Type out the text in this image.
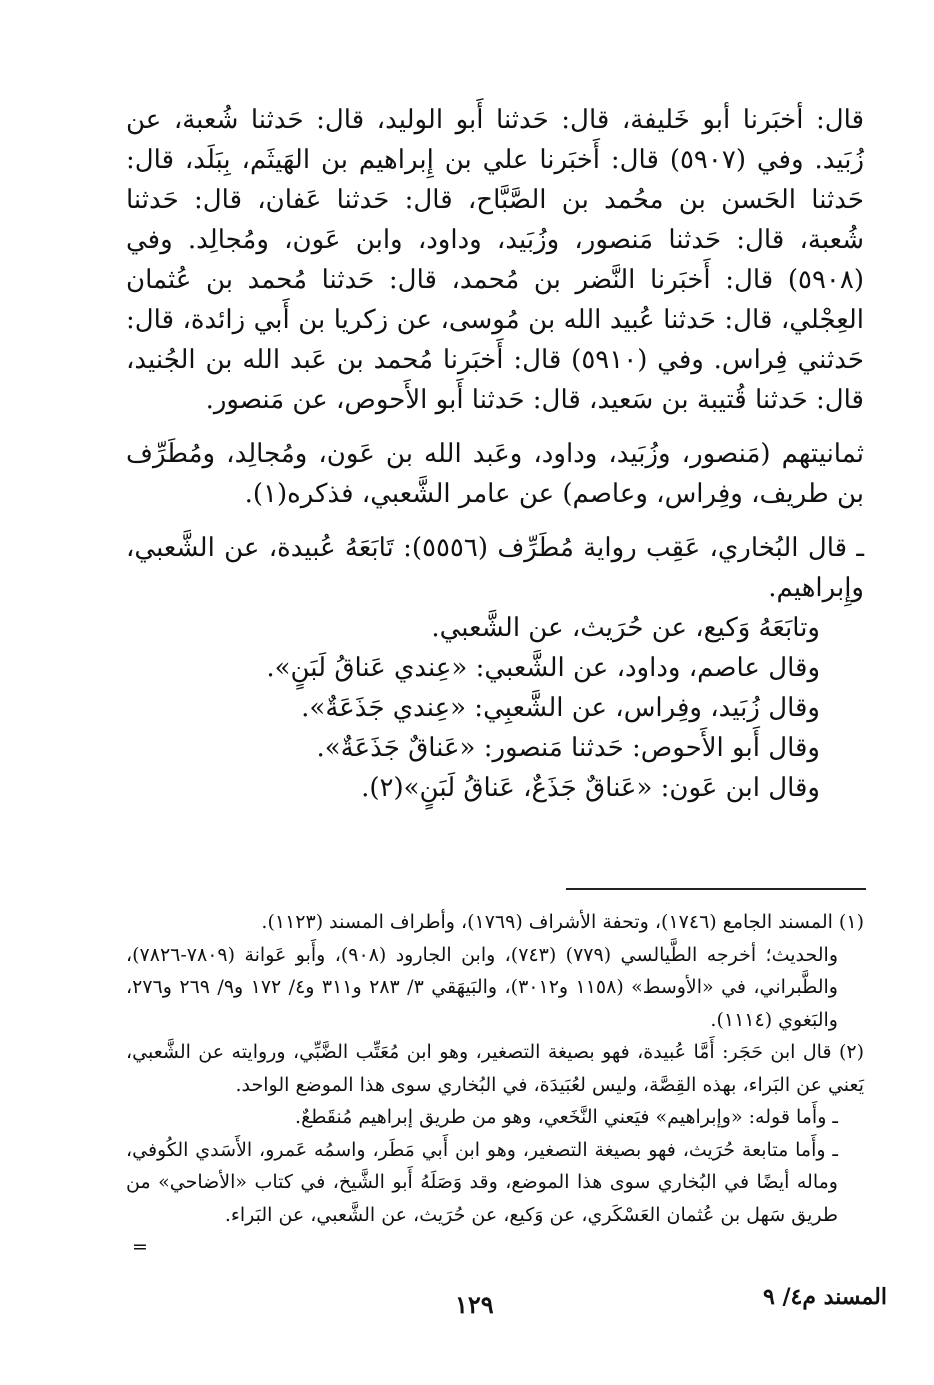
قال: أخبَرنا أبو خَليفة، قال: حَدثنا أَبو الوليد، قال: حَدثنا شُعبة، عن زُبَيد. وفي (٥٩٠٧) قال: أَخبَرنا علي بن إِبراهيم بن الهَيثَم، بِبَلَد، قال: حَدثنا الحَسن بن محُمد بن الصَّبَّاح، قال: حَدثنا عَفان، قال: حَدثنا شُعبة، قال: حَدثنا مَنصور، وزُبَيد، وداود، وابن عَون، ومُجالِد. وفي (٥٩٠٨) قال: أَخبَرنا النَّضر بن مُحمد، قال: حَدثنا مُحمد بن عُثمان العِجْلي، قال: حَدثنا عُبيد الله بن مُوسى، عن زكريا بن أَبي زائدة، قال: حَدثني فِراس. وفي (٥٩١٠) قال: أَخبَرنا مُحمد بن عَبد الله بن الجُنيد، قال: حَدثنا قُتيبة بن سَعيد، قال: حَدثنا أَبو الأَحوص، عن مَنصور.

ثمانيتهم (مَنصور، وزُبَيد، وداود، وعَبد الله بن عَون، ومُجالِد، ومُطَرِّف بن طريف، وفِراس، وعاصم) عن عامر الشَّعبي، فذكره(١).

ـ قال البُخاري، عَقِب رواية مُطَرِّف (٥٥٥٦): تَابَعَهُ عُبيدة، عن الشَّعبي، وإِبراهيم.

وتابَعَهُ وَكيع، عن حُرَيث، عن الشَّعبي.

وقال عاصم، وداود، عن الشَّعبي: «عِندي عَناقُ لَبَنٍ».

وقال زُبَيد، وفِراس، عن الشَّعبِي: «عِندي جَذَعَةٌ».

وقال أَبو الأَحوص: حَدثنا مَنصور: «عَناقٌ جَذَعَةٌ».

وقال ابن عَون: «عَناقٌ جَذَعٌ، عَناقُ لَبَنٍ»(٢).

(١) المسند الجامع (١٧٤٦)، وتحفة الأشراف (١٧٦٩)، وأطراف المسند (١١٢٣).

والحديث؛ أخرجه الطَّيالسي (٧٧٩) (٧٤٣)، وابن الجارود (٩٠٨)، وأَبو عَوانة (٧٨٠٩-٧٨٢٦)، والطَّبراني، في «الأوسط» (١١٥٨ و٣٠١٢)، والبَيهَقي ٣/ ٢٨٣ و٣١١ و٤/ ١٧٢ و٩/ ٢٦٩ و٢٧٦، والبَغوي (١١١٤).

(٢) قال ابن حَجَر: أَمَّا عُبيدة، فهو بصيغة التصغير، وهو ابن مُعَتِّب الضَّبِّي، وروايته عن الشَّعبي، يَعني عن البَراء، بهذه القِصَّة، وليس لعُبَيدَة، في البُخاري سوى هذا الموضع الواحد.

ـ وأَما قوله: «وإبراهيم» فيَعني النَّخَعي، وهو من طريق إبراهيم مُنقَطعٌ.

ـ وأَما متابعة حُرَيث، فهو بصيغة التصغير، وهو ابن أَبي مَطَر، واسمُه عَمرو، الأَسَدي الكُوفي، وماله أيضًا في البُخاري سوى هذا الموضع، وقد وَصَلَهُ أَبو الشَّيخ، في كتاب «الأضاحي» من طريق سَهل بن عُثمان العَسْكَري، عن وَكيع، عن حُرَيث، عن الشَّعبي، عن البَراء.

=
المسند م٤/ ٩
١٢٩
